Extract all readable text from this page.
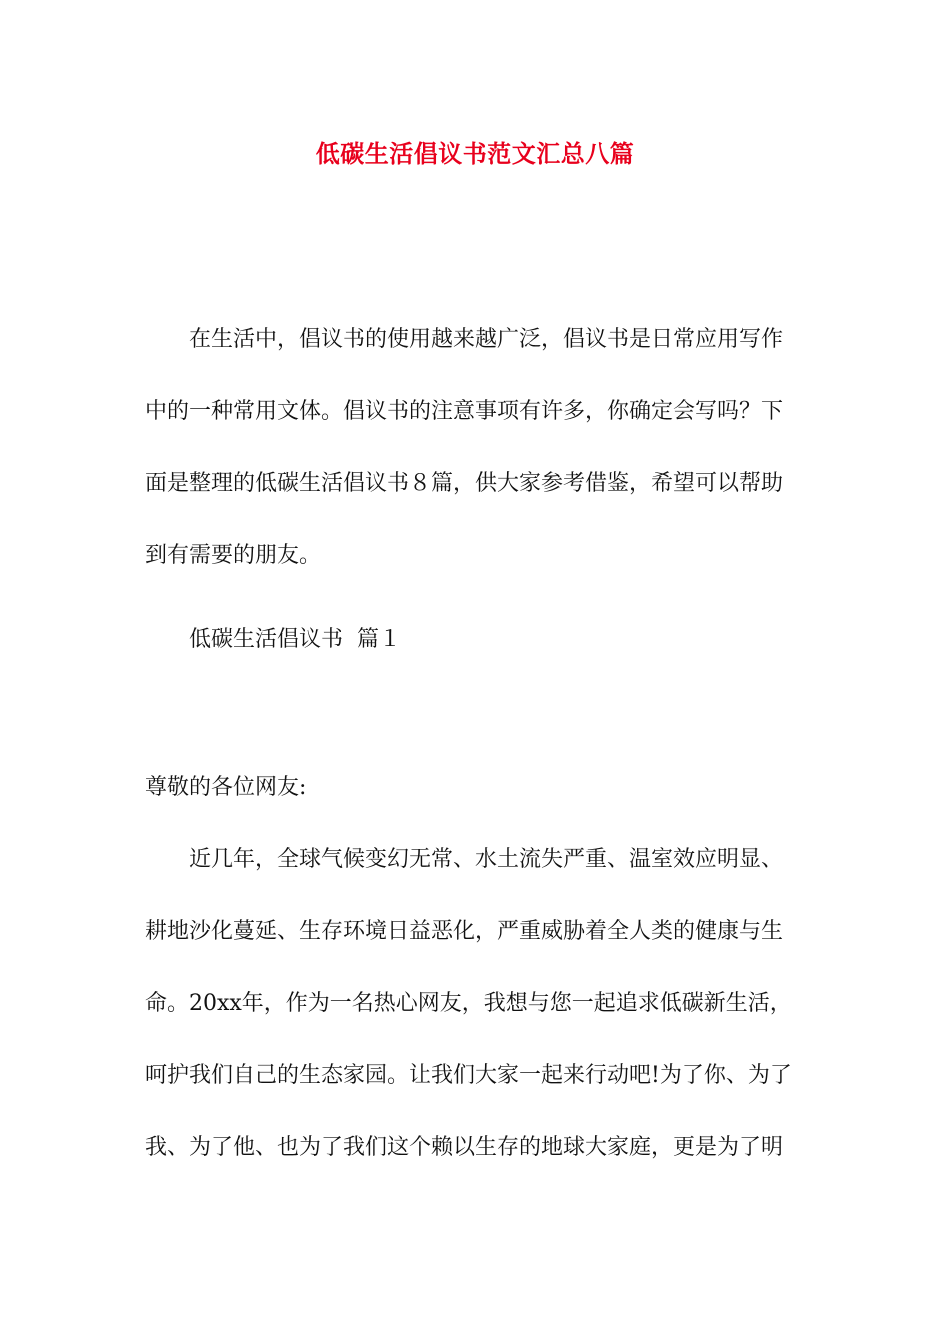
低碳生活倡议书范文汇总八篇
在生活中，倡议书的使用越来越广泛，倡议书是日常应用写作
中的一种常用文体。倡议书的注意事项有许多，你确定会写吗？下
面是整理的低碳生活倡议书８篇，供大家参考借鉴，希望可以帮助
到有需要的朋友。
低碳生活倡议书  篇１
尊敬的各位网友:
近几年，全球气候变幻无常、水土流失严重、温室效应明显、
耕地沙化蔓延、生存环境日益恶化，严重威胁着全人类的健康与生
命。20xx年，作为一名热心网友，我想与您一起追求低碳新生活，
呵护我们自己的生态家园。让我们大家一起来行动吧!为了你、为了
我、为了他、也为了我们这个赖以生存的地球大家庭，更是为了明
